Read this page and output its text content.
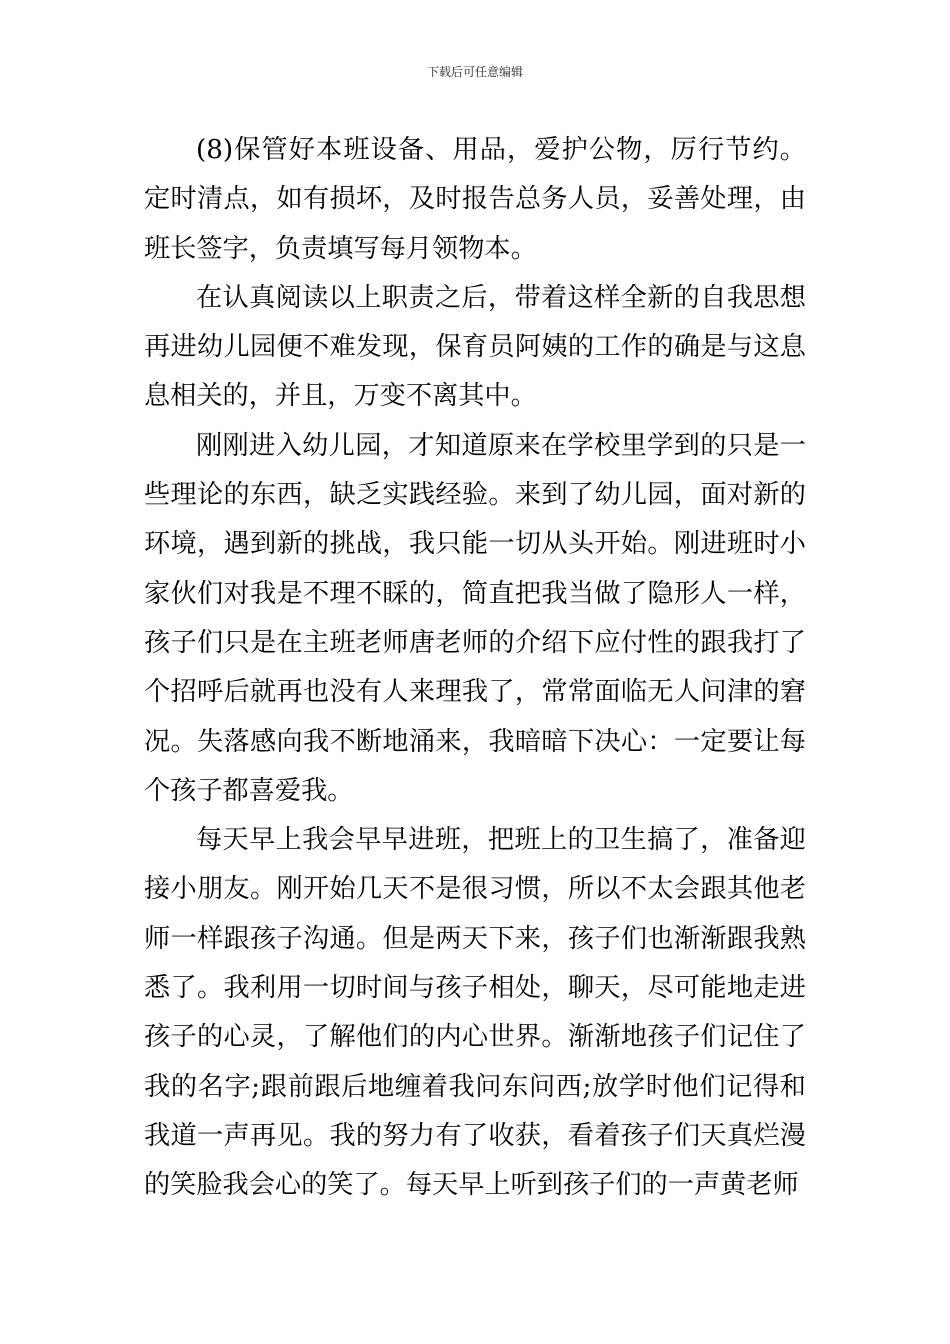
下载后可任意编辑

(8)保管好本班设备、用品，爱护公物，厉行节约。定时清点，如有损坏，及时报告总务人员，妥善处理，由班长签字，负责填写每月领物本。

在认真阅读以上职责之后，带着这样全新的自我思想再进幼儿园便不难发现，保育员阿姨的工作的确是与这息息相关的，并且，万变不离其中。

刚刚进入幼儿园，才知道原来在学校里学到的只是一些理论的东西，缺乏实践经验。来到了幼儿园，面对新的环境，遇到新的挑战，我只能一切从头开始。刚进班时小家伙们对我是不理不睬的，简直把我当做了隐形人一样，孩子们只是在主班老师唐老师的介绍下应付性的跟我打了个招呼后就再也没有人来理我了，常常面临无人问津的窘况。失落感向我不断地涌来，我暗暗下决心：一定要让每个孩子都喜爱我。

每天早上我会早早进班，把班上的卫生搞了，准备迎接小朋友。刚开始几天不是很习惯，所以不太会跟其他老师一样跟孩子沟通。但是两天下来，孩子们也渐渐跟我熟悉了。我利用一切时间与孩子相处，聊天，尽可能地走进孩子的心灵，了解他们的内心世界。渐渐地孩子们记住了我的名字;跟前跟后地缠着我问东问西;放学时他们记得和我道一声再见。我的努力有了收获，看着孩子们天真烂漫的笑脸我会心的笑了。每天早上听到孩子们的一声黄老师
